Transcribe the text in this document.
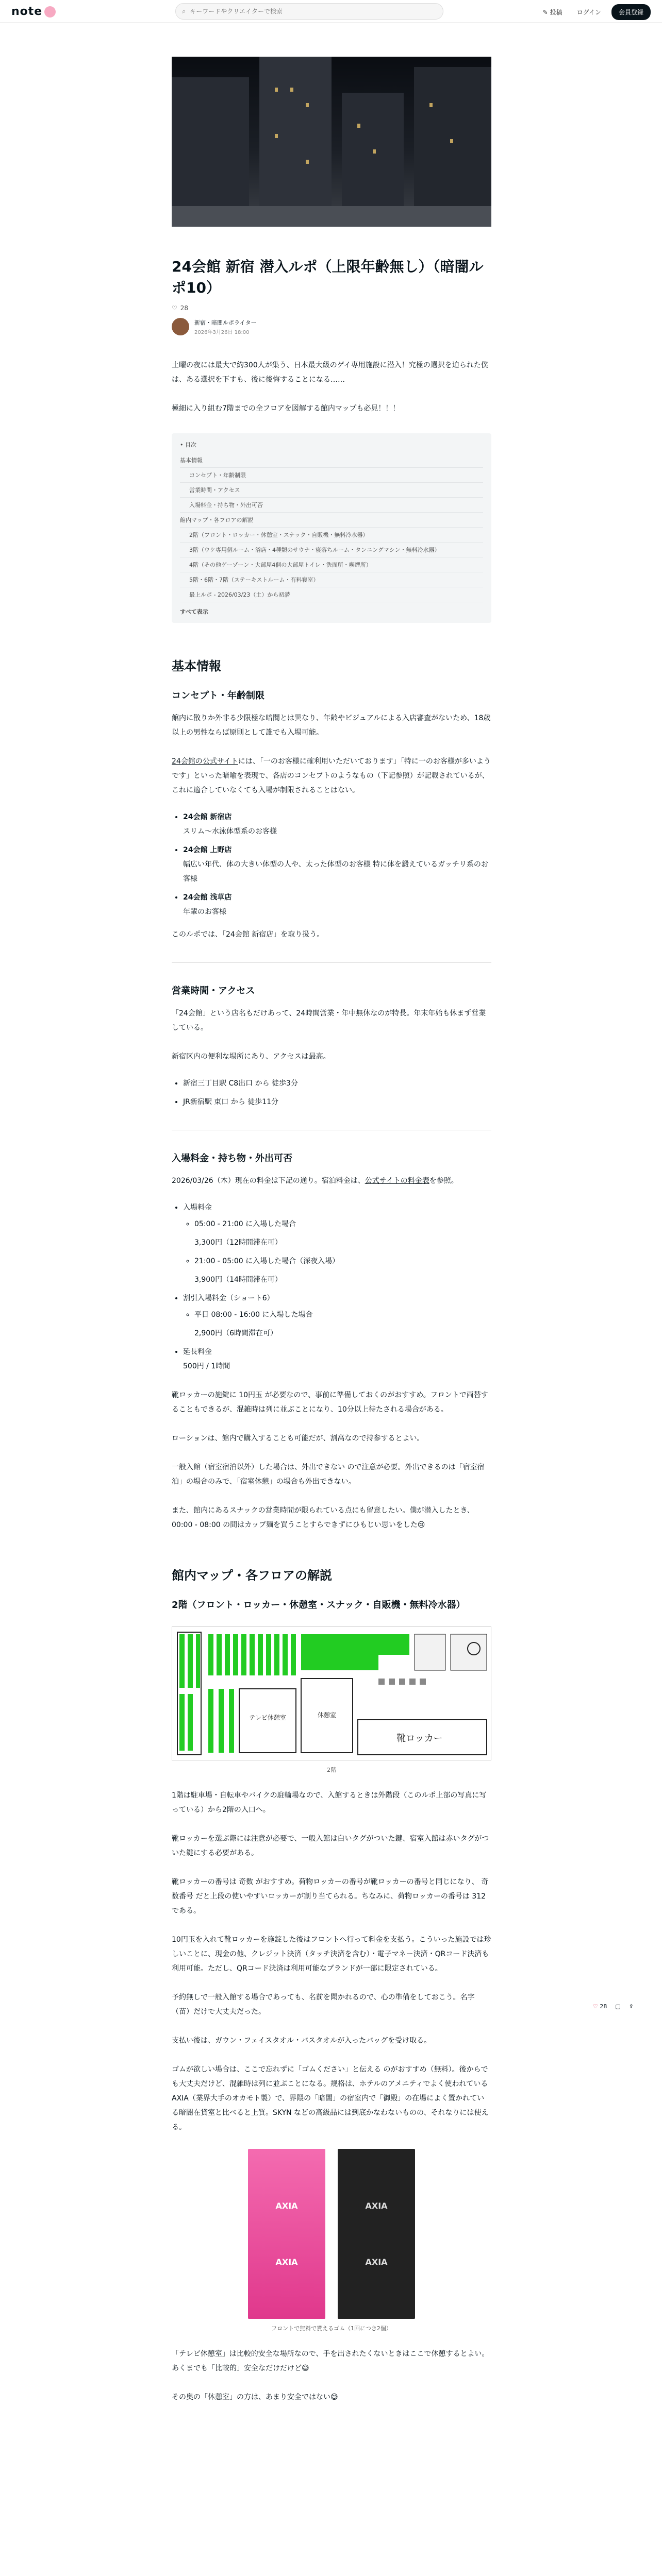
note	⌕
キーワードやクリエイターで検索	✎ 投稿	ログイン	会員登録
24会館 新宿 潜入ルポ（上限年齢無し）（暗闇ルポ10）
♡ 28
新宿・暗闇ルポライター
2026年3月26日 18:00

土曜の夜には最大で約300人が集う、日本最大級のゲイ専用施設に潜入！究極の選択を迫られた僕は、ある選択を下すも、後に後悔することになる……

極細に入り組む7階までの全フロアを図解する館内マップも必見！！！

• 目次
基本情報
コンセプト・年齢制限
営業時間・アクセス
入場料金・持ち物・外出可否
館内マップ・各フロアの解説
2階（フロント・ロッカー・休憩室・スナック・自販機・無料冷水器）
3階（ウケ専用個ルーム・浴店・4種類のサウナ・寝落ちルーム・タンニングマシン・無料冷水器）
4階（その他ゲーゾーン・大部屋4個の大部屋トイレ・洗面所・喫煙所）
5階・6階・7階（ステーキストルーム・有料寝室）
最上ルポ - 2026/03/23（土）から初潜
すべて表示
基本情報
コンセプト・年齢制限

館内に散りか外非る少限極な暗闇とは異なり、年齢やビジュアルによる入店審査がないため、18歳以上の男性ならば原則として誰でも入場可能。

24会館の公式サイトには、「一のお客様に確利用いただいております」「特に一のお客様が多いようです」といった暗喩を表現で、各店のコンセプトのようなもの（下記参照）が記載されているが、これに適合していなくても入場が制限されることはない。

• 24会館 新宿店
スリム〜水泳体型系のお客様
• 24会館 上野店
幅広い年代、体の大きい体型の人や、太った体型のお客様 特に体を鍛えているガッチリ系のお客様
• 24会館 浅草店
年輩のお客様

このルポでは、「24会館 新宿店」を取り扱う。

営業時間・アクセス

「24会館」という店名もだけあって、24時間営業・年中無休なのが特長。年末年始も休まず営業している。

新宿区内の便利な場所にあり、アクセスは最高。

• 新宿三丁目駅 C8出口 から 徒歩3分
• JR新宿駅 東口 から 徒歩11分
入場料金・持ち物・外出可否

2026/03/26（木）現在の料金は下記の通り。宿泊料金は、公式サイトの料金表を参照。

• 入場料金
◦ 05:00 - 21:00 に入場した場合
3,300円（12時間滞在可）
◦ 21:00 - 05:00 に入場した場合（深夜入場）
3,900円（14時間滞在可）
• 割引入場料金（ショート6）
◦ 平日 08:00 - 16:00 に入場した場合
2,900円（6時間滞在可）
• 延長料金
500円 / 1時間

靴ロッカーの施錠に 10円玉 が必要なので、事前に準備しておくのがおすすめ。フロントで両替することもできるが、混雑時は列に並ぶことになり、10分以上待たされる場合がある。

ローションは、館内で購入することも可能だが、割高なので持参するとよい。

一般入館（宿室宿泊以外）した場合は、外出できない ので注意が必要。外出できるのは「宿室宿泊」の場合のみで、「宿室休憩」の場合も外出できない。

また、館内にあるスナックの営業時間が限られている点にも留意したい。僕が潜入したとき、00:00 - 08:00 の間はカップ麺を買うことすらできずにひもじい思いをした😢

館内マップ・各フロアの解説
2階（フロント・ロッカー・休憩室・スナック・自販機・無料冷水器）
テレビ休憩室	休憩室
靴ロッカー
2階

1階は駐車場・自転車やバイクの駐輪場なので、入館するときは外階段（このルポ上部の写真に写っている）から2階の入口へ。

靴ロッカーを選ぶ際には注意が必要で、一般入館は白いタグがついた鍵、宿室入館は赤いタグがついた鍵にする必要がある。

靴ロッカーの番号は 奇数 がおすすめ。荷物ロッカーの番号が靴ロッカーの番号と同じになり、 奇数番号 だと上段の使いやすいロッカーが割り当てられる。ちなみに、荷物ロッカーの番号は 312 である。

10円玉を入れて靴ロッカーを施錠した後はフロントへ行って料金を支払う。こういった施設では珍しいことに、現金の他、クレジット決済（タッチ決済を含む）・電子マネー決済・QRコード決済も利用可能。ただし、QRコード決済は利用可能なブランドが一部に限定されている。

予約無しで一般入館する場合であっても、名前を聞かれるので、心の準備をしておこう。名字（苗）だけで大丈夫だった。

支払い後は、ガウン・フェイスタオル・バスタオルが入ったバッグを受け取る。

ゴムが欲しい場合は、ここで忘れずに「ゴムください」と伝える のがおすすめ（無料）。後からでも大丈夫だけど、混雑時は列に並ぶことになる。规格は、ホテルのアメニティでよく使われている AXIA（業界大手のオカモト製）で、界隈の「暗闇」の宿室内で「御殿」の在場によく置かれている暗闇在貸室と比べると上質。SKYN などの高級品には到底かなわないものの、それなりには使える。

AXIA
AXIA
AXIA
AXIA
フロントで無料で貰えるゴム（1回につき2個）

「テレビ休憩室」は比較的安全な場所なので、手を出されたくないときはここで休憩するとよい。あくまでも「比較的」安全なだけだけど😅

その奥の「休憩室」の方は、あまり安全ではない😅

♡ 28 ▢ ⇪
